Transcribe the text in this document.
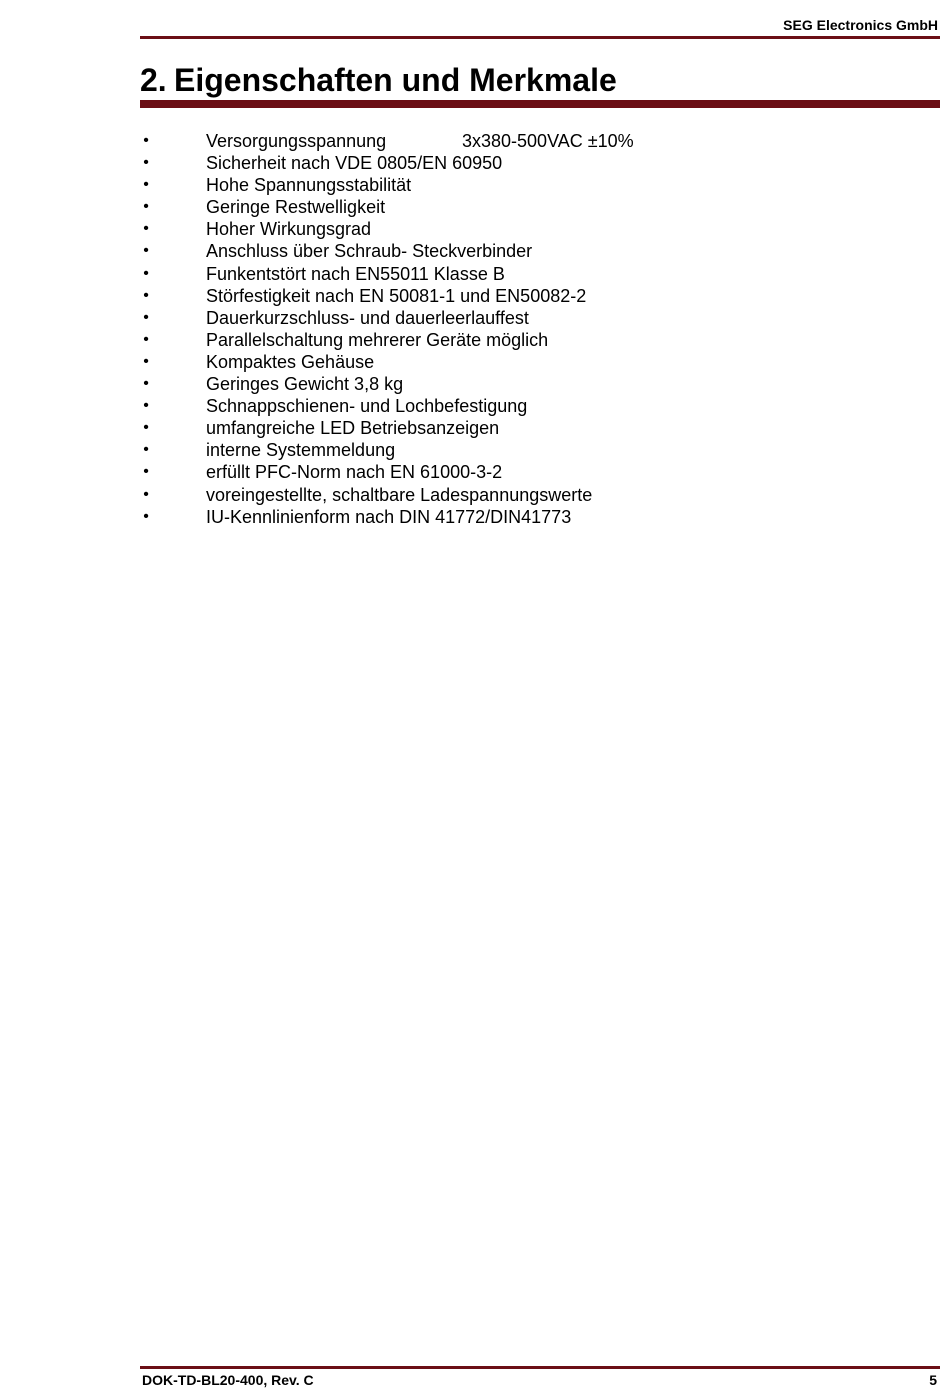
SEG Electronics GmbH
2. Eigenschaften und Merkmale
•	Versorgungsspannung	3x380-500VAC ±10%
•	Sicherheit nach VDE 0805/EN 60950
•	Hohe Spannungsstabilität
•	Geringe Restwelligkeit
•	Hoher Wirkungsgrad
•	Anschluss über Schraub- Steckverbinder
•	Funkentstört nach EN55011 Klasse B
•	Störfestigkeit nach EN 50081-1 und EN50082-2
•	Dauerkurzschluss- und dauerleerlauffest
•	Parallelschaltung mehrerer Geräte möglich
•	Kompaktes Gehäuse
•	Geringes Gewicht 3,8 kg
•	Schnappschienen- und Lochbefestigung
•	umfangreiche LED Betriebsanzeigen
•	interne Systemmeldung
•	erfüllt PFC-Norm nach EN 61000-3-2
•	voreingestellte, schaltbare Ladespannungswerte
•	IU-Kennlinienform nach DIN 41772/DIN41773
DOK-TD-BL20-400, Rev. C	5
